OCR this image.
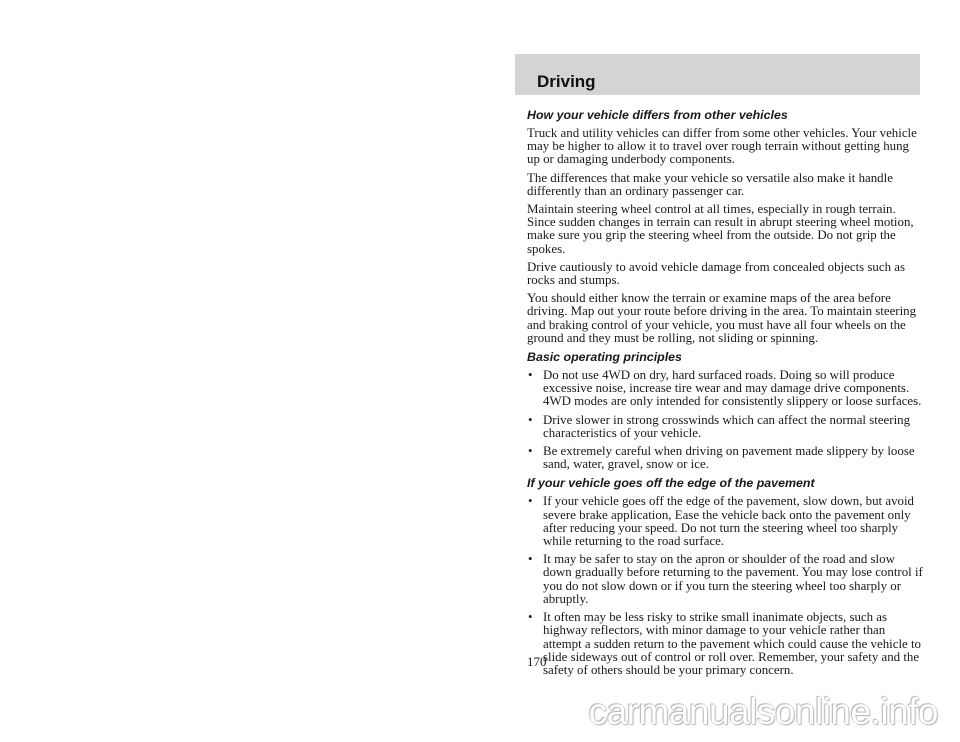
Driving
How your vehicle differs from other vehicles

Truck and utility vehicles can differ from some other vehicles. Your vehicle may be higher to allow it to travel over rough terrain without getting hung up or damaging underbody components.

The differences that make your vehicle so versatile also make it handle differently than an ordinary passenger car.

Maintain steering wheel control at all times, especially in rough terrain. Since sudden changes in terrain can result in abrupt steering wheel motion, make sure you grip the steering wheel from the outside. Do not grip the spokes.

Drive cautiously to avoid vehicle damage from concealed objects such as rocks and stumps.

You should either know the terrain or examine maps of the area before driving. Map out your route before driving in the area. To maintain steering and braking control of your vehicle, you must have all four wheels on the ground and they must be rolling, not sliding or spinning.

Basic operating principles
• Do not use 4WD on dry, hard surfaced roads. Doing so will produce excessive noise, increase tire wear and may damage drive components. 4WD modes are only intended for consistently slippery or loose surfaces.
• Drive slower in strong crosswinds which can affect the normal steering characteristics of your vehicle.
• Be extremely careful when driving on pavement made slippery by loose sand, water, gravel, snow or ice.
If your vehicle goes off the edge of the pavement
• If your vehicle goes off the edge of the pavement, slow down, but avoid severe brake application, Ease the vehicle back onto the pavement only after reducing your speed. Do not turn the steering wheel too sharply while returning to the road surface.
• It may be safer to stay on the apron or shoulder of the road and slow down gradually before returning to the pavement. You may lose control if you do not slow down or if you turn the steering wheel too sharply or abruptly.
• It often may be less risky to strike small inanimate objects, such as highway reflectors, with minor damage to your vehicle rather than attempt a sudden return to the pavement which could cause the vehicle to slide sideways out of control or roll over. Remember, your safety and the safety of others should be your primary concern.
170
carmanualsonline.info
